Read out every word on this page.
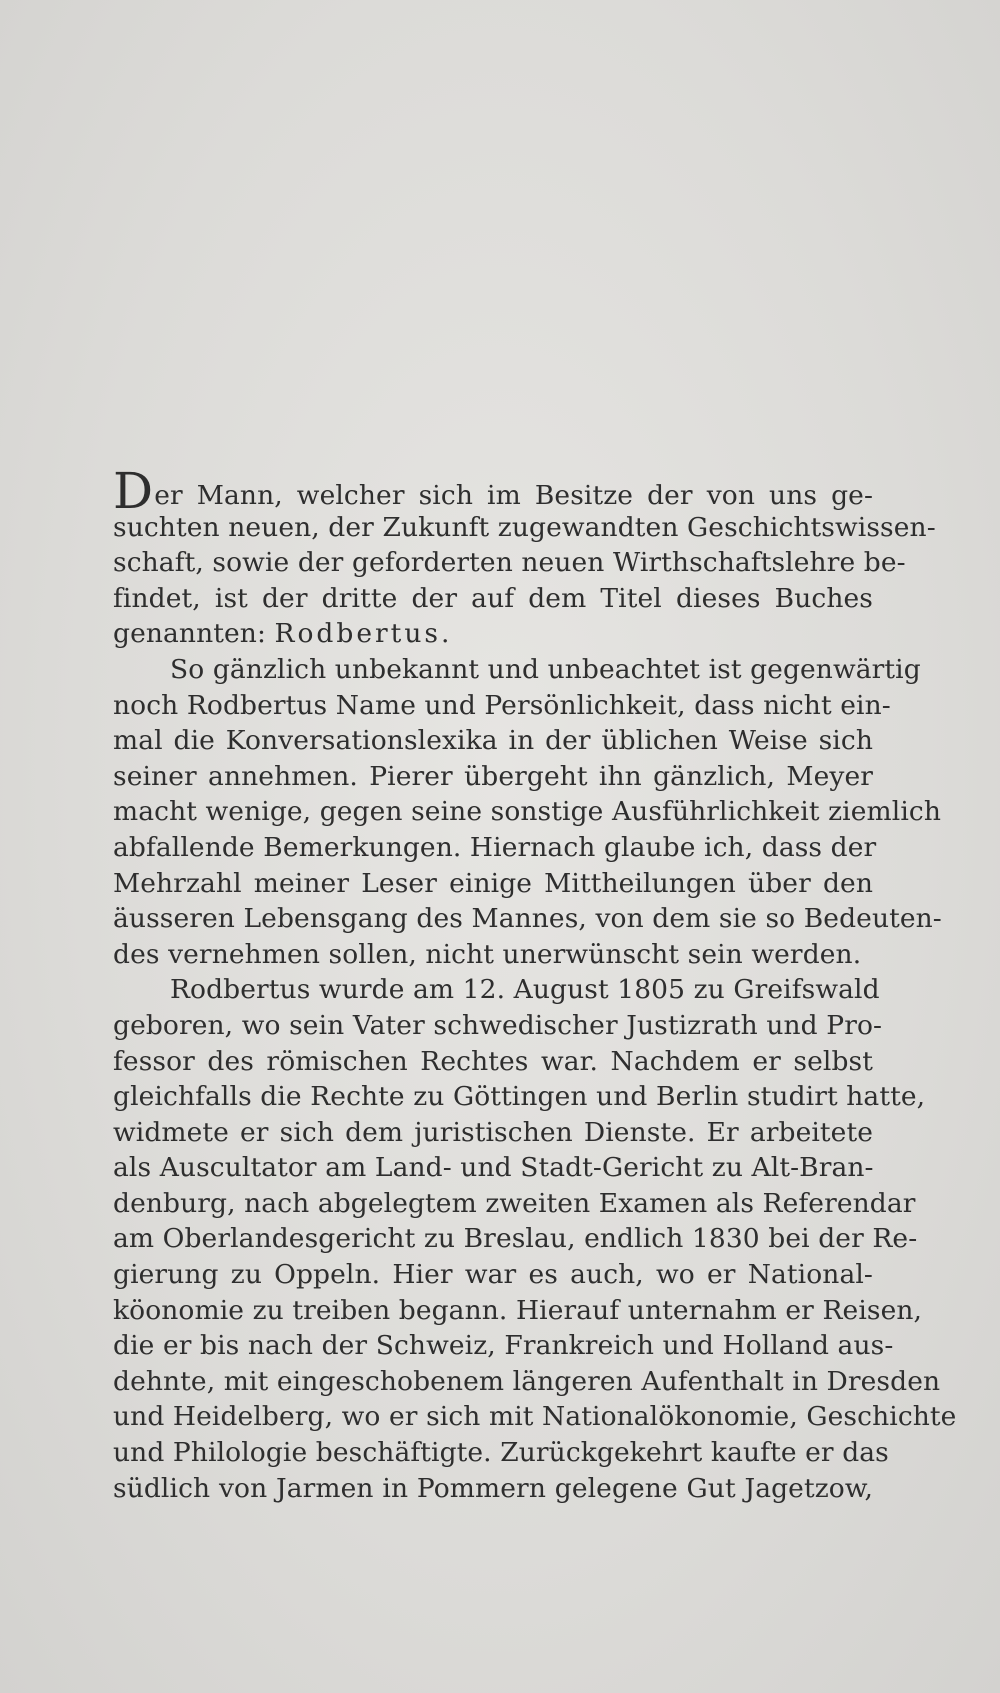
Der Mann, welcher sich im Besitze der von uns ge-
suchten neuen, der Zukunft zugewandten Geschichtswissen-
schaft, sowie der geforderten neuen Wirthschaftslehre be-
findet, ist der dritte der auf dem Titel dieses Buches
genannten: Rodbertus.
So gänzlich unbekannt und unbeachtet ist gegenwärtig
noch Rodbertus Name und Persönlichkeit, dass nicht ein-
mal die Konversationslexika in der üblichen Weise sich
seiner annehmen. Pierer übergeht ihn gänzlich, Meyer
macht wenige, gegen seine sonstige Ausführlichkeit ziemlich
abfallende Bemerkungen. Hiernach glaube ich, dass der
Mehrzahl meiner Leser einige Mittheilungen über den
äusseren Lebensgang des Mannes, von dem sie so Bedeuten-
des vernehmen sollen, nicht unerwünscht sein werden.
Rodbertus wurde am 12. August 1805 zu Greifswald
geboren, wo sein Vater schwedischer Justizrath und Pro-
fessor des römischen Rechtes war. Nachdem er selbst
gleichfalls die Rechte zu Göttingen und Berlin studirt hatte,
widmete er sich dem juristischen Dienste. Er arbeitete
als Auscultator am Land- und Stadt-Gericht zu Alt-Bran-
denburg, nach abgelegtem zweiten Examen als Referendar
am Oberlandesgericht zu Breslau, endlich 1830 bei der Re-
gierung zu Oppeln. Hier war es auch, wo er National-
köonomie zu treiben begann. Hierauf unternahm er Reisen,
die er bis nach der Schweiz, Frankreich und Holland aus-
dehnte, mit eingeschobenem längeren Aufenthalt in Dresden
und Heidelberg, wo er sich mit Nationalökonomie, Geschichte
und Philologie beschäftigte. Zurückgekehrt kaufte er das
südlich von Jarmen in Pommern gelegene Gut Jagetzow,
